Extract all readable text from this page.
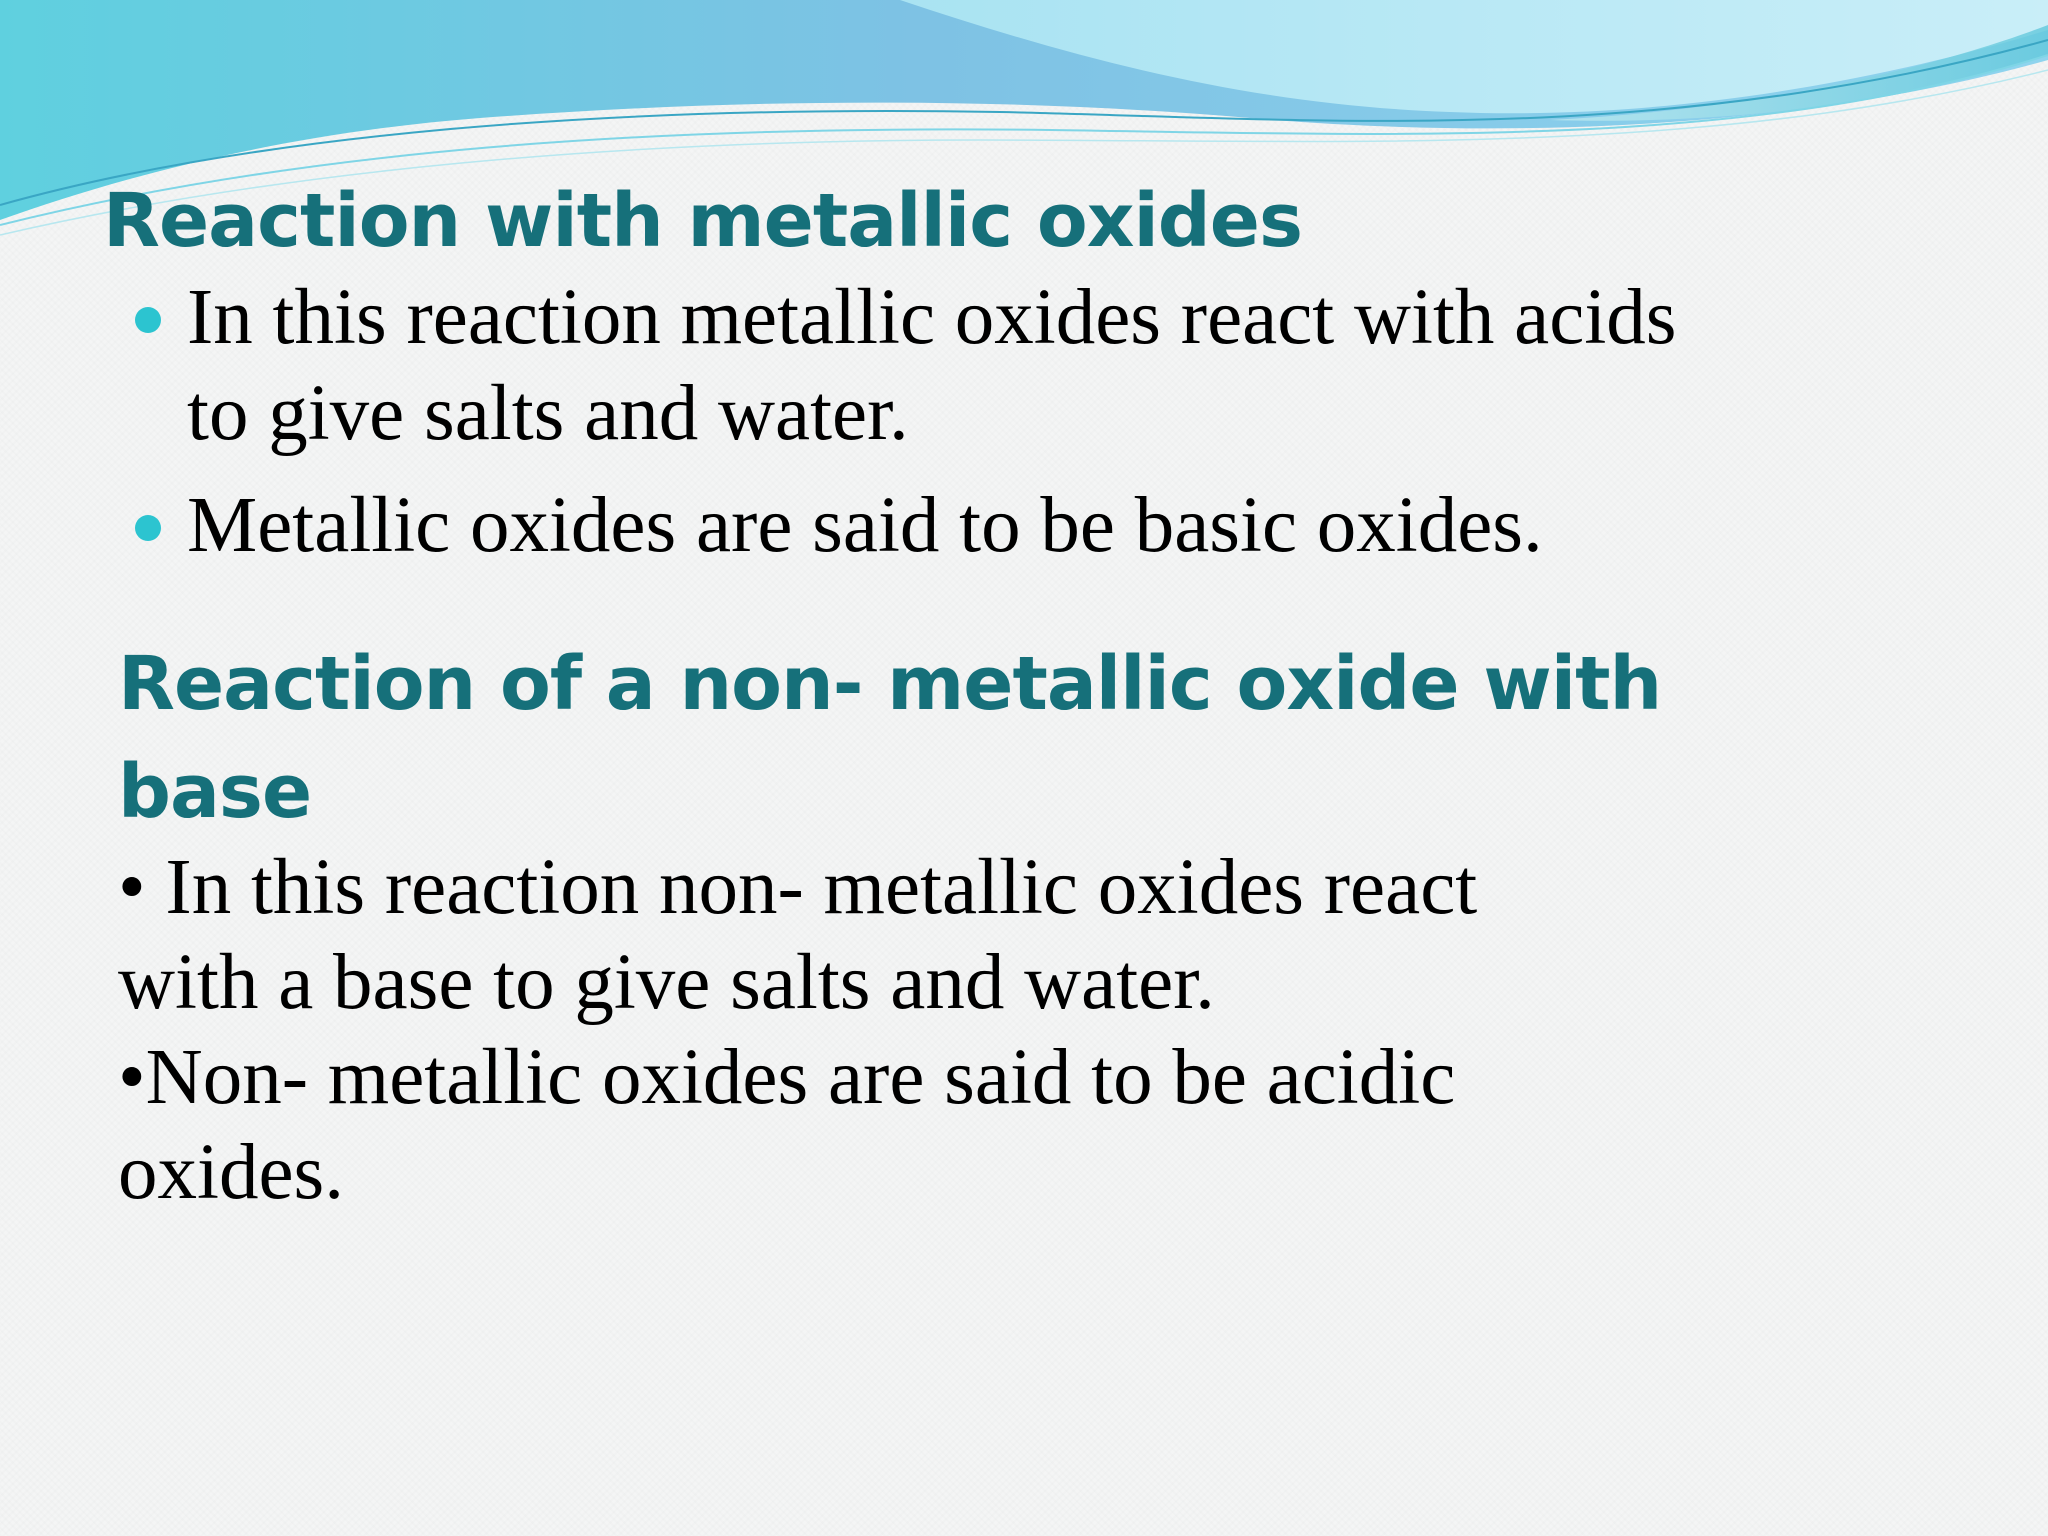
Reaction with metallic oxides
In this reaction metallic oxides react with acids
to give salts and water.
Metallic oxides are said to be basic oxides.
Reaction of a non- metallic oxide with
base

• In this reaction non- metallic oxides react
with a base to give salts and water.
•Non- metallic oxides are said to be acidic
oxides.
